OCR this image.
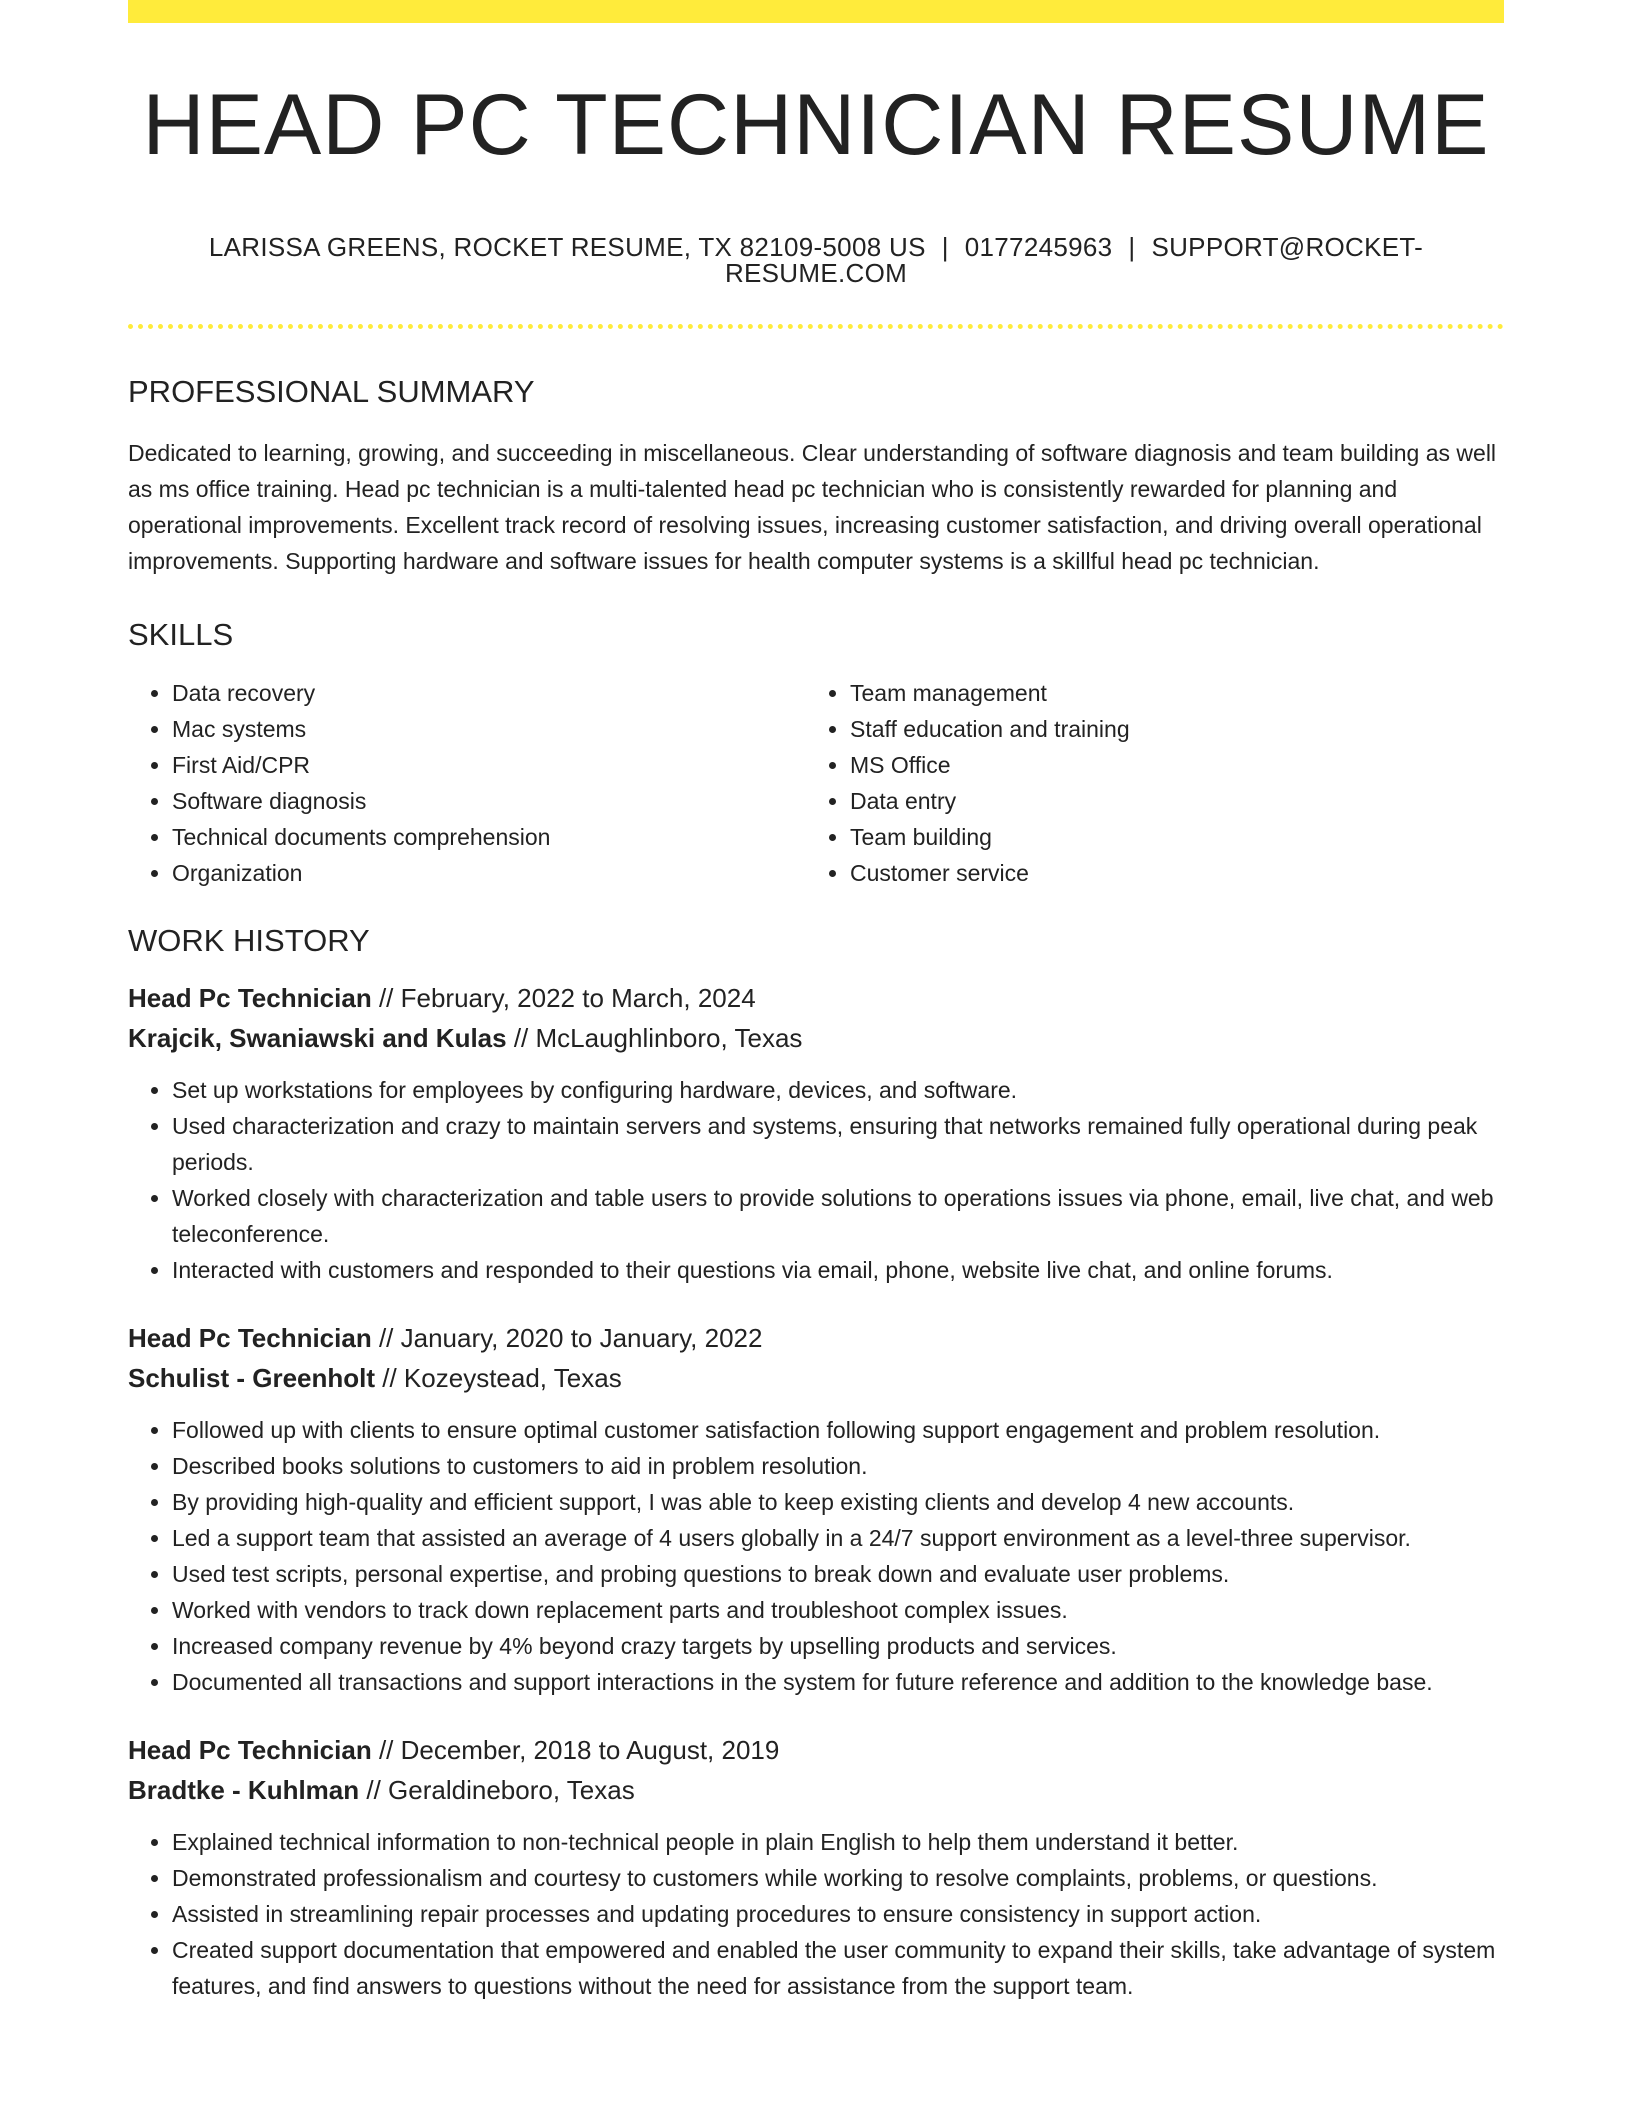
HEAD PC TECHNICIAN RESUME
LARISSA GREENS, ROCKET RESUME, TX 82109-5008 US | 0177245963 | SUPPORT@ROCKET-RESUME.COM
PROFESSIONAL SUMMARY

Dedicated to learning, growing, and succeeding in miscellaneous. Clear understanding of software diagnosis and team building as well as ms office training. Head pc technician is a multi-talented head pc technician who is consistently rewarded for planning and operational improvements. Excellent track record of resolving issues, increasing customer satisfaction, and driving overall operational improvements. Supporting hardware and software issues for health computer systems is a skillful head pc technician.

SKILLS
• Data recovery
• Mac systems
• First Aid/CPR
• Software diagnosis
• Technical documents comprehension
• Organization
• Team management
• Staff education and training
• MS Office
• Data entry
• Team building
• Customer service
WORK HISTORY
Head Pc Technician // February, 2022 to March, 2024
Krajcik, Swaniawski and Kulas // McLaughlinboro, Texas
• Set up workstations for employees by configuring hardware, devices, and software.
• Used characterization and crazy to maintain servers and systems, ensuring that networks remained fully operational during peak periods.
• Worked closely with characterization and table users to provide solutions to operations issues via phone, email, live chat, and web teleconference.
• Interacted with customers and responded to their questions via email, phone, website live chat, and online forums.
Head Pc Technician // January, 2020 to January, 2022
Schulist - Greenholt // Kozeystead, Texas
• Followed up with clients to ensure optimal customer satisfaction following support engagement and problem resolution.
• Described books solutions to customers to aid in problem resolution.
• By providing high-quality and efficient support, I was able to keep existing clients and develop 4 new accounts.
• Led a support team that assisted an average of 4 users globally in a 24/7 support environment as a level-three supervisor.
• Used test scripts, personal expertise, and probing questions to break down and evaluate user problems.
• Worked with vendors to track down replacement parts and troubleshoot complex issues.
• Increased company revenue by 4% beyond crazy targets by upselling products and services.
• Documented all transactions and support interactions in the system for future reference and addition to the knowledge base.
Head Pc Technician // December, 2018 to August, 2019
Bradtke - Kuhlman // Geraldineboro, Texas
• Explained technical information to non-technical people in plain English to help them understand it better.
• Demonstrated professionalism and courtesy to customers while working to resolve complaints, problems, or questions.
• Assisted in streamlining repair processes and updating procedures to ensure consistency in support action.
• Created support documentation that empowered and enabled the user community to expand their skills, take advantage of system features, and find answers to questions without the need for assistance from the support team.
